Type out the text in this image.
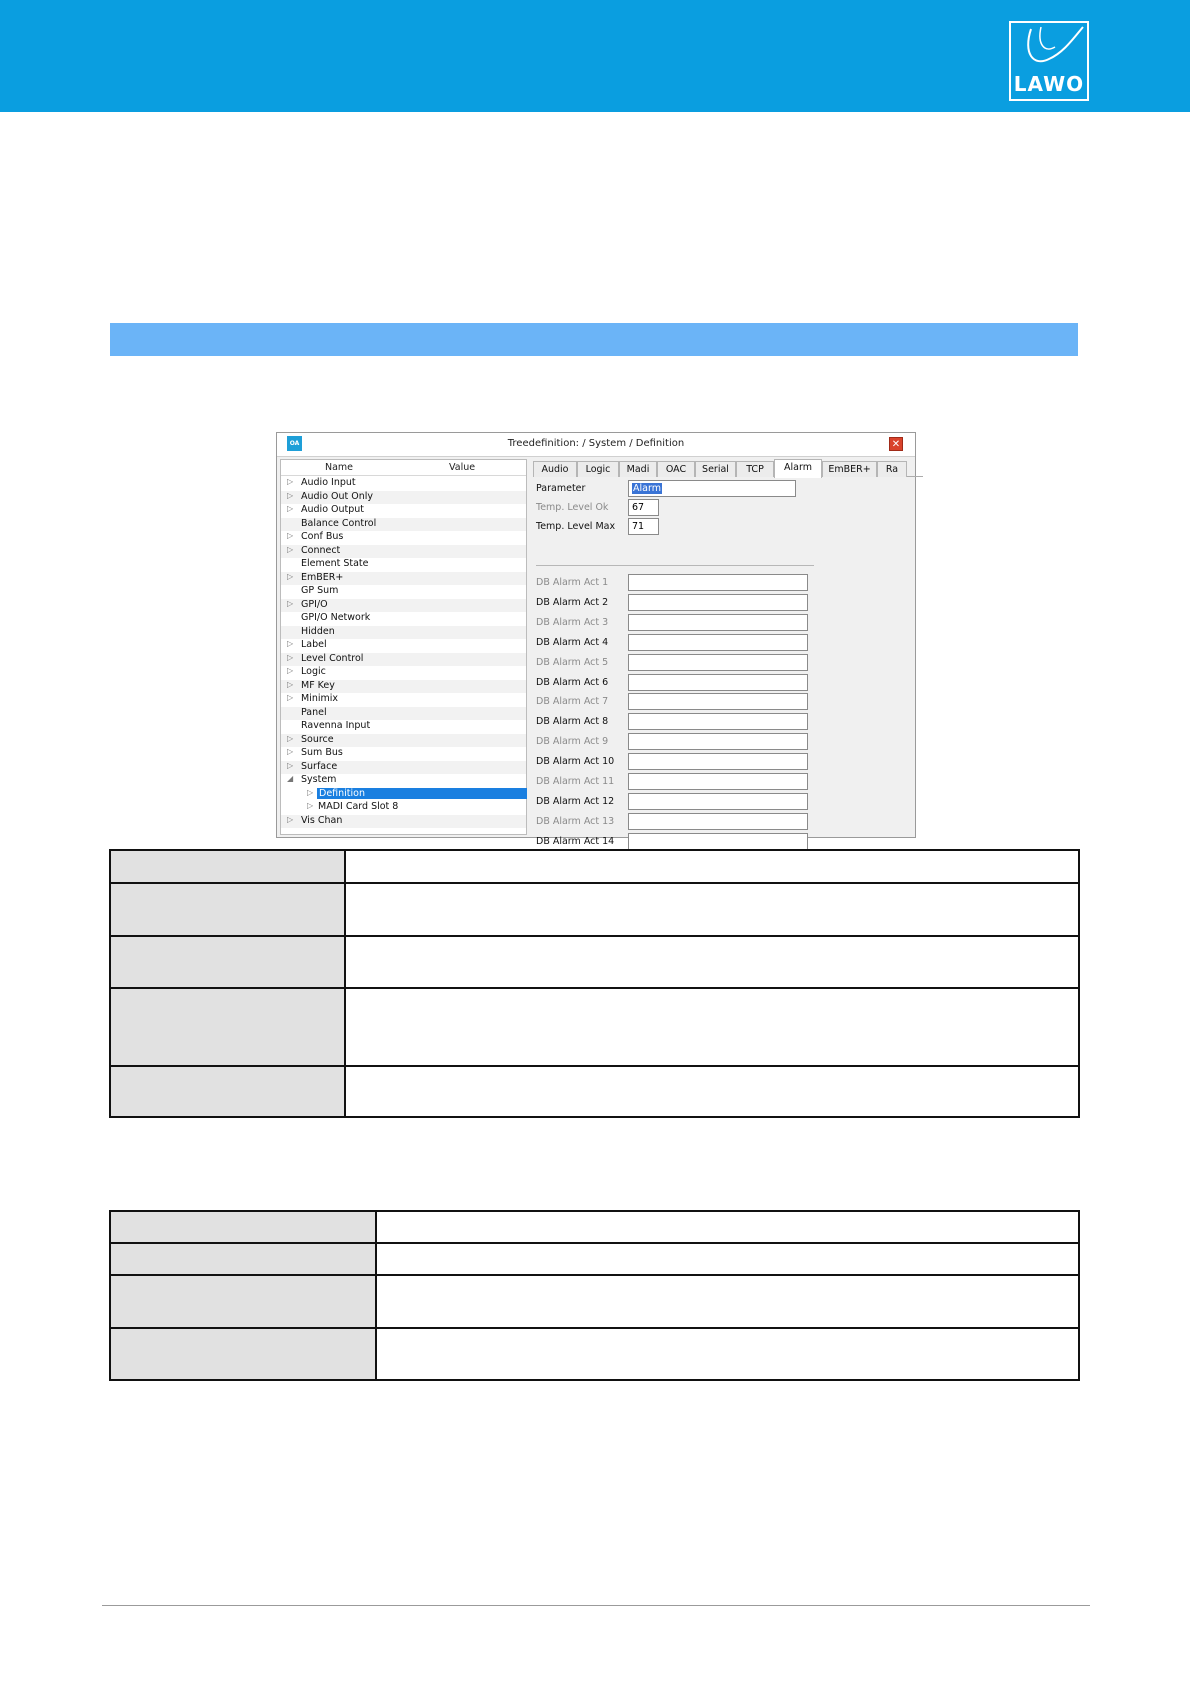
LAWO
OA	Treedefinition: / System / Definition	✕
Name	Value
▷ Audio Input
▷ Audio Out Only
▷ Audio Output
Balance Control
▷ Conf Bus
▷ Connect
Element State
▷ EmBER+
GP Sum
▷ GPI/O
GPI/O Network
Hidden
▷ Label
▷ Level Control
▷ Logic
▷ MF Key
▷ Minimix
Panel
Ravenna Input
▷ Source
▷ Sum Bus
▷ Surface
◢ System
▷ Definition
▷ MADI Card Slot 8
▷ Vis Chan
Audio	Logic	Madi	OAC	Serial	TCP	Alarm	EmBER+	Ra
Parameter	Alarm
Temp. Level Ok	67
Temp. Level Max	71
DB Alarm Act 1
DB Alarm Act 2
DB Alarm Act 3
DB Alarm Act 4
DB Alarm Act 5
DB Alarm Act 6
DB Alarm Act 7
DB Alarm Act 8
DB Alarm Act 9
DB Alarm Act 10
DB Alarm Act 11
DB Alarm Act 12
DB Alarm Act 13
DB Alarm Act 14
